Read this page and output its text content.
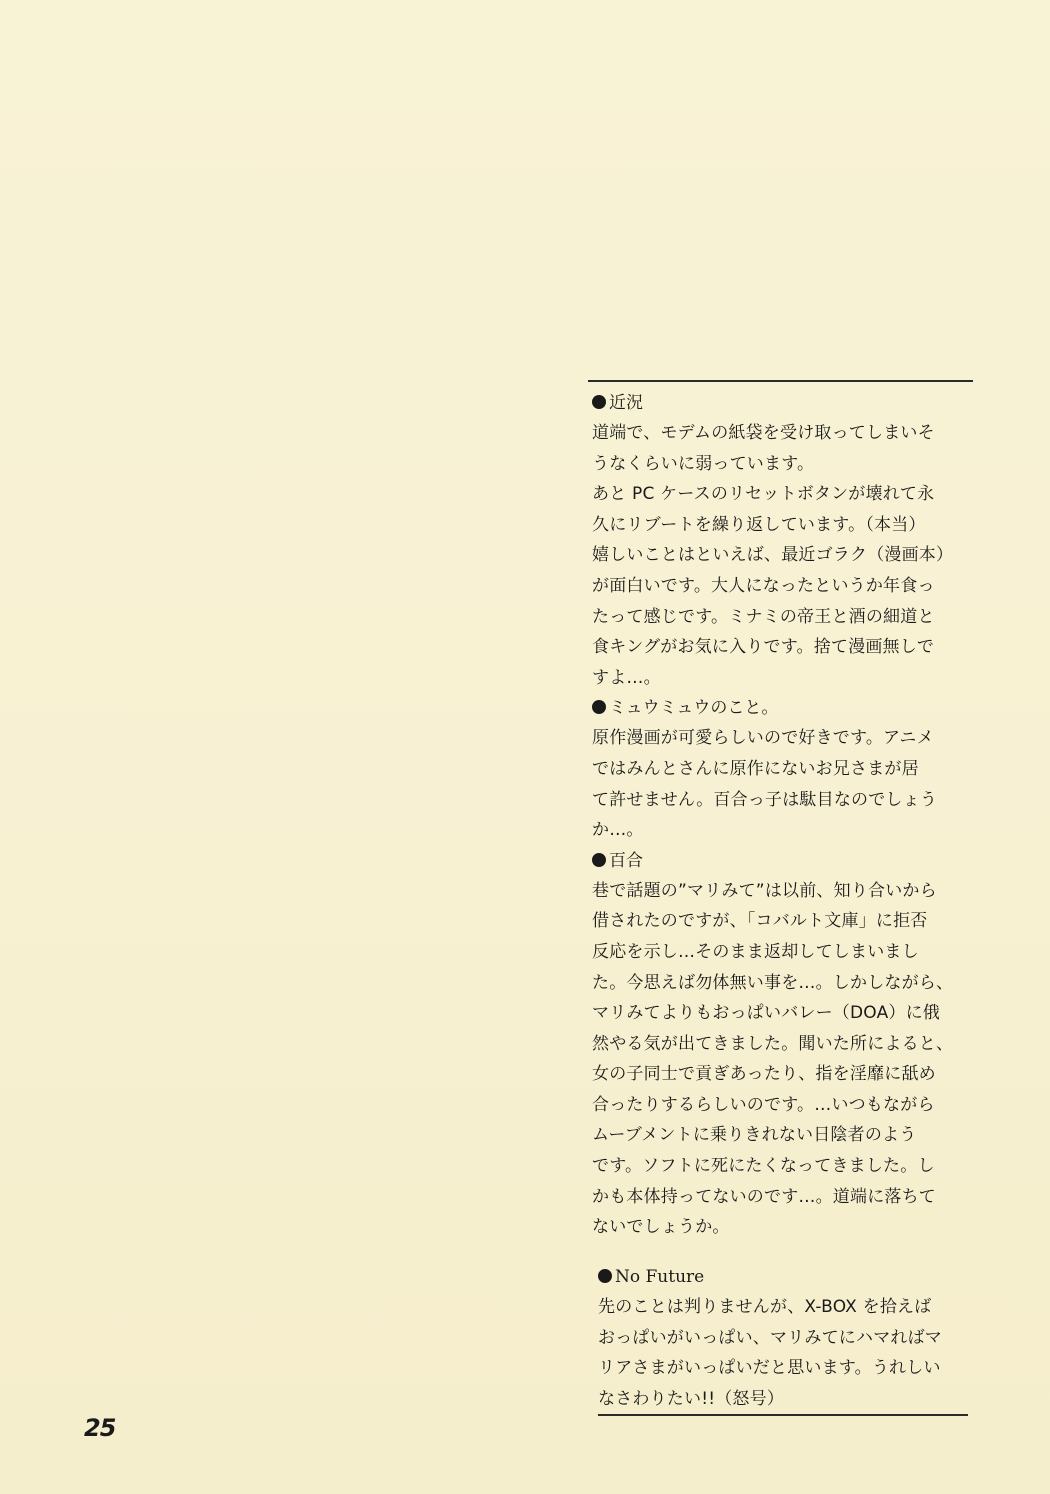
近況
道端で、モデムの紙袋を受け取ってしまいそ
うなくらいに弱っています。
あと PC ケースのリセットボタンが壊れて永
久にリブートを繰り返しています。（本当）
嬉しいことはといえば、最近ゴラク（漫画本）
が面白いです。大人になったというか年食っ
たって感じです。ミナミの帝王と酒の細道と
食キングがお気に入りです。捨て漫画無しで
すよ…。
ミュウミュウのこと。
原作漫画が可愛らしいので好きです。アニメ
ではみんとさんに原作にないお兄さまが居
て許せません。百合っ子は駄目なのでしょう
か…。
百合
巷で話題の”マリみて”は以前、知り合いから
借されたのですが、「コバルト文庫」に拒否
反応を示し…そのまま返却してしまいまし
た。今思えば勿体無い事を…。しかしながら、
マリみてよりもおっぱいバレー（DOA）に俄
然やる気が出てきました。聞いた所によると、
女の子同士で貢ぎあったり、指を淫靡に舐め
合ったりするらしいのです。…いつもながら
ムーブメントに乗りきれない日陰者のよう
です。ソフトに死にたくなってきました。し
かも本体持ってないのです…。道端に落ちて
ないでしょうか。
No Future
先のことは判りませんが、X-BOX を拾えば
おっぱいがいっぱい、マリみてにハマればマ
リアさまがいっぱいだと思います。うれしい
なさわりたい!!（怒号）
25
